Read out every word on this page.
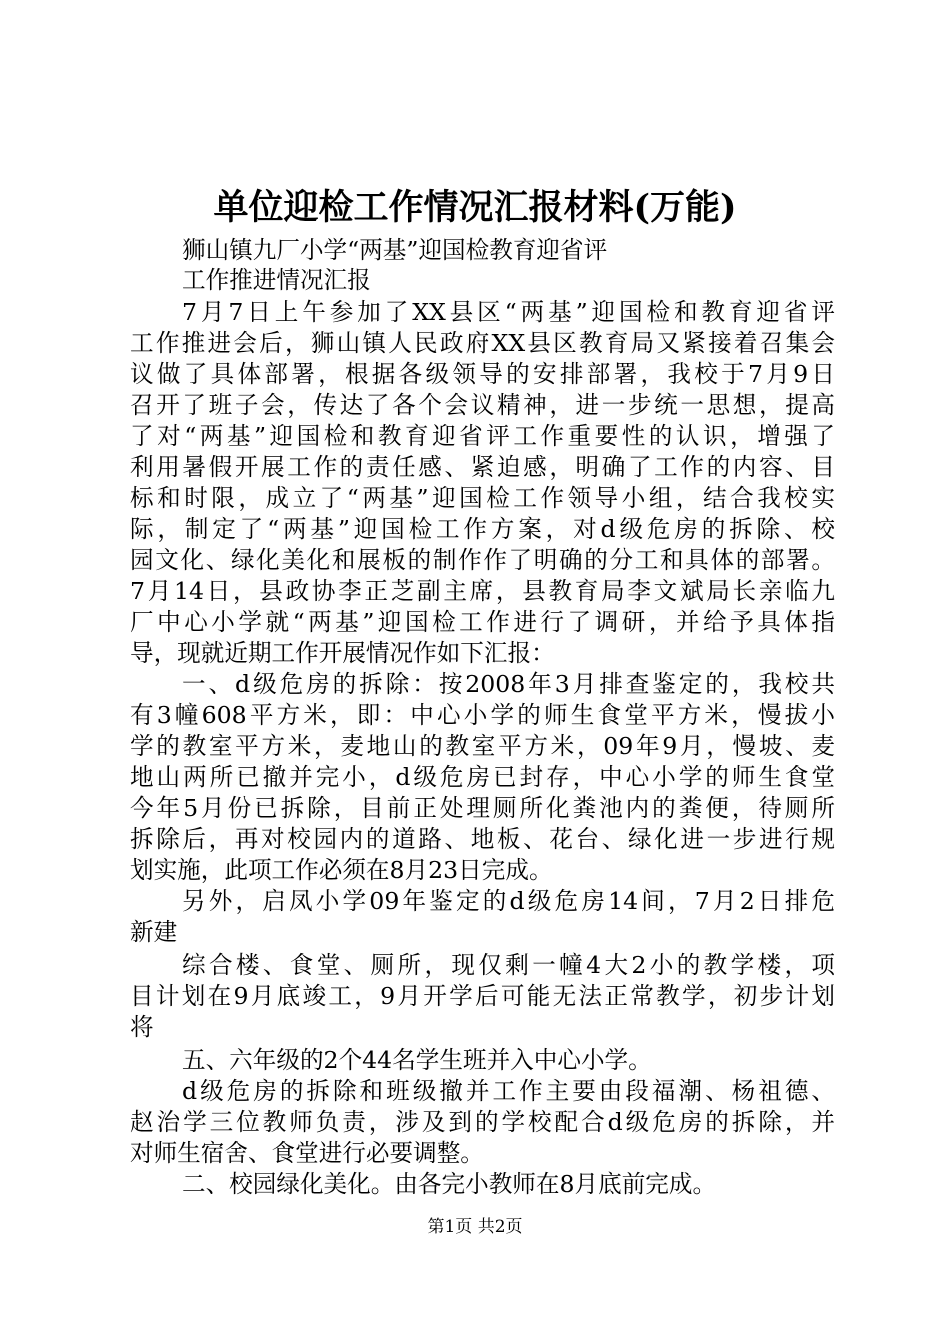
单位迎检工作情况汇报材料(万能)
狮山镇九厂小学“两基”迎国检教育迎省评
工作推进情况汇报
7月7日上午参加了XX县区“两基”迎国检和教育迎省评
工作推进会后，狮山镇人民政府XX县区教育局又紧接着召集会
议做了具体部署，根据各级领导的安排部署，我校于7月9日
召开了班子会，传达了各个会议精神，进一步统一思想，提高
了对“两基”迎国检和教育迎省评工作重要性的认识，增强了
利用暑假开展工作的责任感、紧迫感，明确了工作的内容、目
标和时限，成立了“两基”迎国检工作领导小组，结合我校实
际，制定了“两基”迎国检工作方案，对d级危房的拆除、校
园文化、绿化美化和展板的制作作了明确的分工和具体的部署。
7月14日，县政协李正芝副主席，县教育局李文斌局长亲临九
厂中心小学就“两基”迎国检工作进行了调研，并给予具体指
导，现就近期工作开展情况作如下汇报：
一、d级危房的拆除：按2008年3月排查鉴定的，我校共
有3幢608平方米，即：中心小学的师生食堂平方米，慢拔小
学的教室平方米，麦地山的教室平方米，09年9月，慢坡、麦
地山两所已撤并完小，d级危房已封存，中心小学的师生食堂
今年5月份已拆除，目前正处理厕所化粪池内的粪便，待厕所
拆除后，再对校园内的道路、地板、花台、绿化进一步进行规
划实施，此项工作必须在8月23日完成。
另外，启凤小学09年鉴定的d级危房14间，7月2日排危
新建
综合楼、食堂、厕所，现仅剩一幢4大2小的教学楼，项
目计划在9月底竣工，9月开学后可能无法正常教学，初步计划
将
五、六年级的2个44名学生班并入中心小学。
d级危房的拆除和班级撤并工作主要由段福潮、杨祖德、
赵治学三位教师负责，涉及到的学校配合d级危房的拆除，并
对师生宿舍、食堂进行必要调整。
二、校园绿化美化。由各完小教师在8月底前完成。
第1页 共2页
